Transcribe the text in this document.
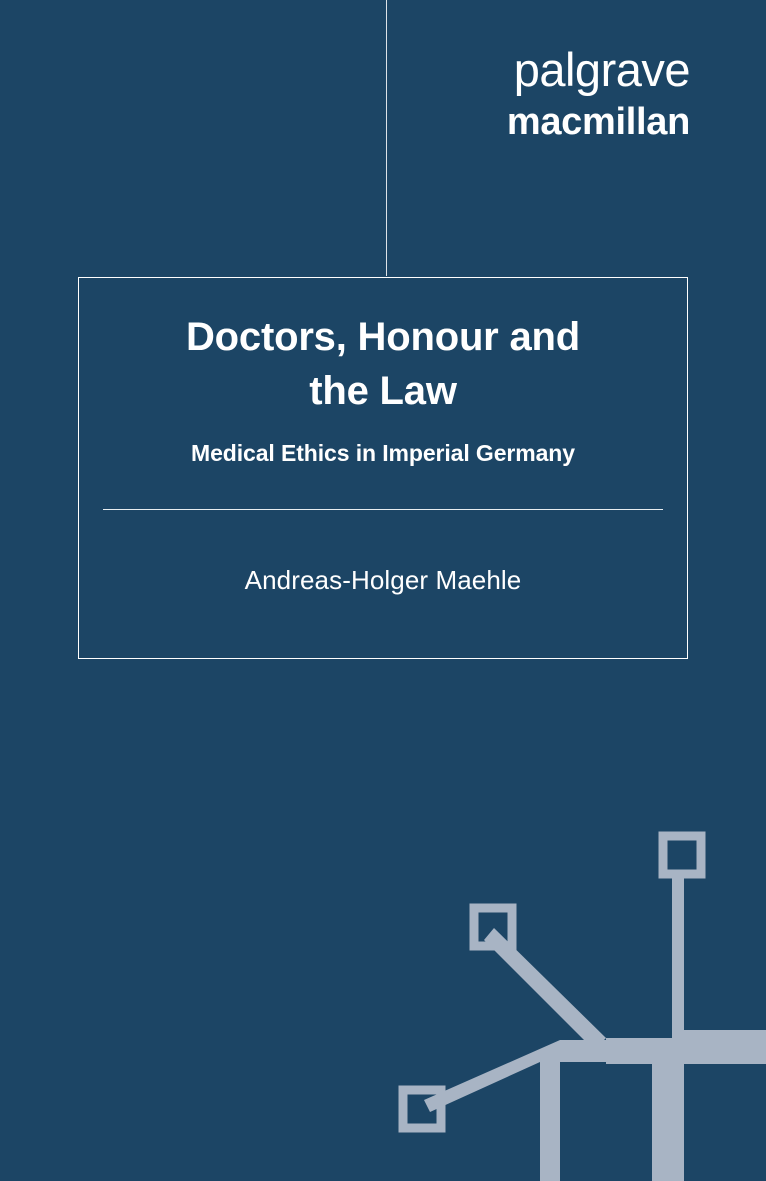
palgrave
macmillan
Doctors, Honour and
the Law
Medical Ethics in Imperial Germany
Andreas-Holger Maehle
